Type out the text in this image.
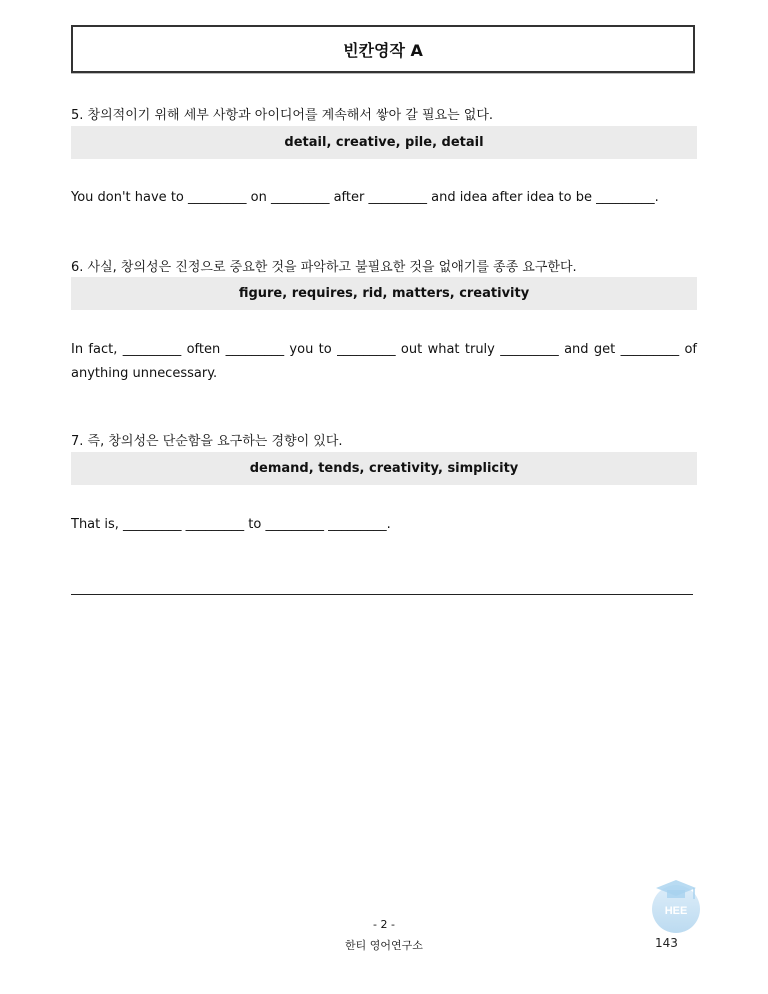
빈칸영작 A
5. 창의적이기 위해 세부 사항과 아이디어를 계속해서 쌓아 갈 필요는 없다.
detail, creative, pile, detail
You don't have to _________ on _________ after _________ and idea after idea to be _________.
6. 사실, 창의성은 진정으로 중요한 것을 파악하고 불필요한 것을 없애기를 종종 요구한다.
figure, requires, rid, matters, creativity
In fact, _________ often _________ you to _________ out what truly _________ and get _________ of anything unnecessary.
7. 즉, 창의성은 단순함을 요구하는 경향이 있다.
demand, tends, creativity, simplicity
That is, _________ _________ to _________ _________.
- 2 -
한티 영어연구소
HEE
143
